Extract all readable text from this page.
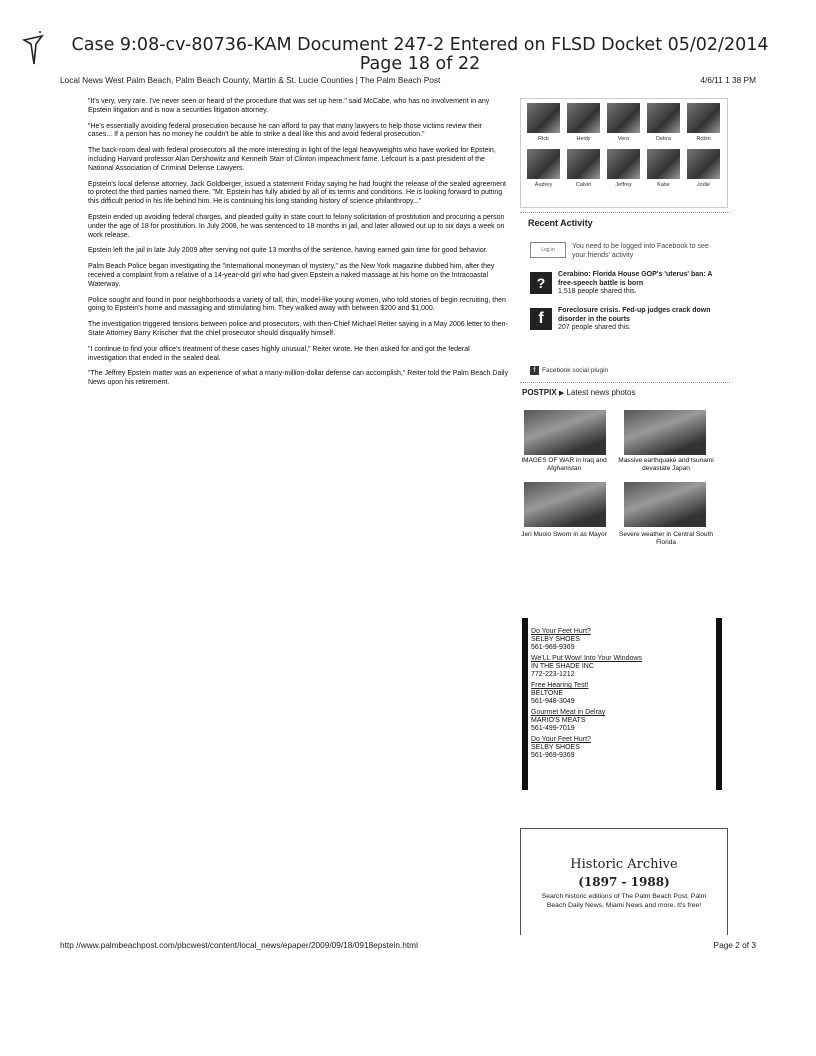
Case 9:08-cv-80736-KAM Document 247-2 Entered on FLSD Docket 05/02/2014 Page 18 of 22
Local News West Palm Beach, Palm Beach County, Martin & St. Lucie Counties | The Palm Beach Post	4/6/11 1 38 PM

"It's very, very rare. I've never seen or heard of the procedure that was set up here." said McCabe, who has no involvement in any Epstein litigation and is now a securities litigation attorney.

"He's essentially avoiding federal prosecution because he can afford to pay that many lawyers to help those victims review their cases... If a person has no money he couldn't be able to strike a deal like this and avoid federal prosecution."

The back-room deal with federal prosecutors all the more interesting in light of the legal heavyweights who have worked for Epstein, including Harvard professor Alan Dershowitz and Kenneth Starr of Clinton impeachment fame. Lefcourt is a past president of the National Association of Criminal Defense Lawyers.

Epstein's local defense attorney, Jack Goldberger, issued a statement Friday saying he had fought the release of the sealed agreement to protect the third parties named there. "Mr. Epstein has fully abided by all of its terms and conditions. He is looking forward to putting this difficult period in his life behind him. He is continuing his long standing history of science philanthropy..."

Epstein ended up avoiding federal charges, and pleaded guilty in state court to felony solicitation of prostitution and procuring a person under the age of 18 for prostitution. In July 2008, he was sentenced to 18 months in jail, and later allowed out up to six days a week on work release.

Epstein left the jail in late July 2009 after serving not quite 13 months of the sentence, having earned gain time for good behavior.

Palm Beach Police began investigating the "international moneyman of mystery," as the New York magazine dubbed him, after they received a complaint from a relative of a 14-year-old girl who had given Epstein a naked massage at his home on the Intracoastal Waterway.

Police sought and found in poor neighborhoods a variety of tall, thin, model-like young women, who told stories of begin recruiting, then going to Epstein's home and massaging and stimulating him. They walked away with between $200 and $1,000.

The investigation triggered tensions between police and prosecutors, with then-Chief Michael Reiter saying in a May 2006 letter to then-State Attorney Barry Krischer that the chief prosecutor should disqualify himself.

"I continue to find your office's treatment of these cases highly unusual," Reiter wrote. He then asked for and got the federal investigation that ended in the sealed deal.

"The Jeffrey Epstein matter was an experience of what a many-million-dollar defense can accomplish," Reiter told the Palm Beach Daily News upon his retirement.

Rick	Heidy	Vero	Debra	Robin
Audrey	Calvin	Jeffrey	Katie	Jodie
Recent Activity
Log in	You need to be logged into Facebook to see your friends' activity
?
Cerabino: Florida House GOP's 'uterus' ban: A free-speech battle is born
1,518 people shared this.
f	Foreclosure crisis. Fed-up judges crack down disorder in the courts
207 people shared this.
f Facebook social plugin
POSTPIX ▶ Latest news photos
IMAGES OF WAR in Iraq and Afghanistan
Massive earthquake and tsunami devastate Japan
Jeri Muoio Sworn in as Mayor	Severe weather in Central South Florida
Do Your Feet Hurt?
SELBY SHOES
561-969-9369
We'LL Put Wow! Into Your Windows
IN THE SHADE INC
772-223-1212
Free Hearing Test!
BELTONE
561-948-3049
Gourmet Meat in Delray
MARIO'S MEATS
561-499-7019
Do Your Feet Hurt?
SELBY SHOES
561-969-9369
Historic Archive
(1897 - 1988)
Search historic editions of The Palm Beach Post, Palm Beach Daily News, Miami News and more. It's free!
http //www.palmbeachpost.com/pbcwest/content/local_news/epaper/2009/09/18/0918epstein.html	Page 2 of 3
